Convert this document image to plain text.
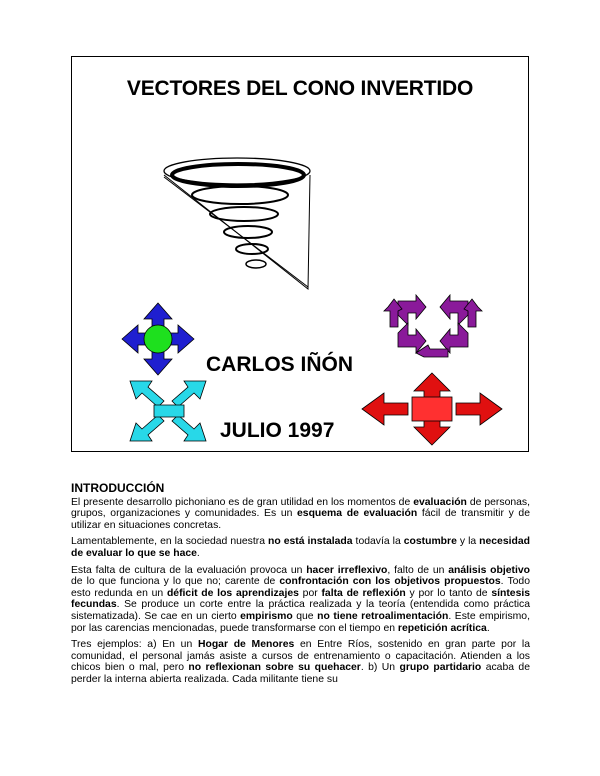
VECTORES DEL CONO INVERTIDO
CARLOS IÑÓN
JULIO 1997
INTRODUCCIÓN

El presente desarrollo pichoniano es de gran utilidad en los momentos de evaluación de personas, grupos, organizaciones y comunidades. Es un esquema de evaluación fácil de transmitir y de utilizar en situaciones concretas.

Lamentablemente, en la sociedad nuestra no está instalada todavía la costumbre y la necesidad de evaluar lo que se hace.

Esta falta de cultura de la evaluación provoca un hacer irreflexivo, falto de un análisis objetivo de lo que funciona y lo que no; carente de confrontación con los objetivos propuestos. Todo esto redunda en un déficit de los aprendizajes por falta de reflexión y por lo tanto de síntesis fecundas. Se produce un corte entre la práctica realizada y la teoría (entendida como práctica sistematizada). Se cae en un cierto empirismo que no tiene retroalimentación. Este empirismo, por las carencias mencionadas, puede transformarse con el tiempo en repetición acrítica.

Tres ejemplos: a) En un Hogar de Menores en Entre Ríos, sostenido en gran parte por la comunidad, el personal jamás asiste a cursos de entrenamiento o capacitación. Atienden a los chicos bien o mal, pero no reflexionan sobre su quehacer. b) Un grupo partidario acaba de perder la interna abierta realizada. Cada militante tiene su
